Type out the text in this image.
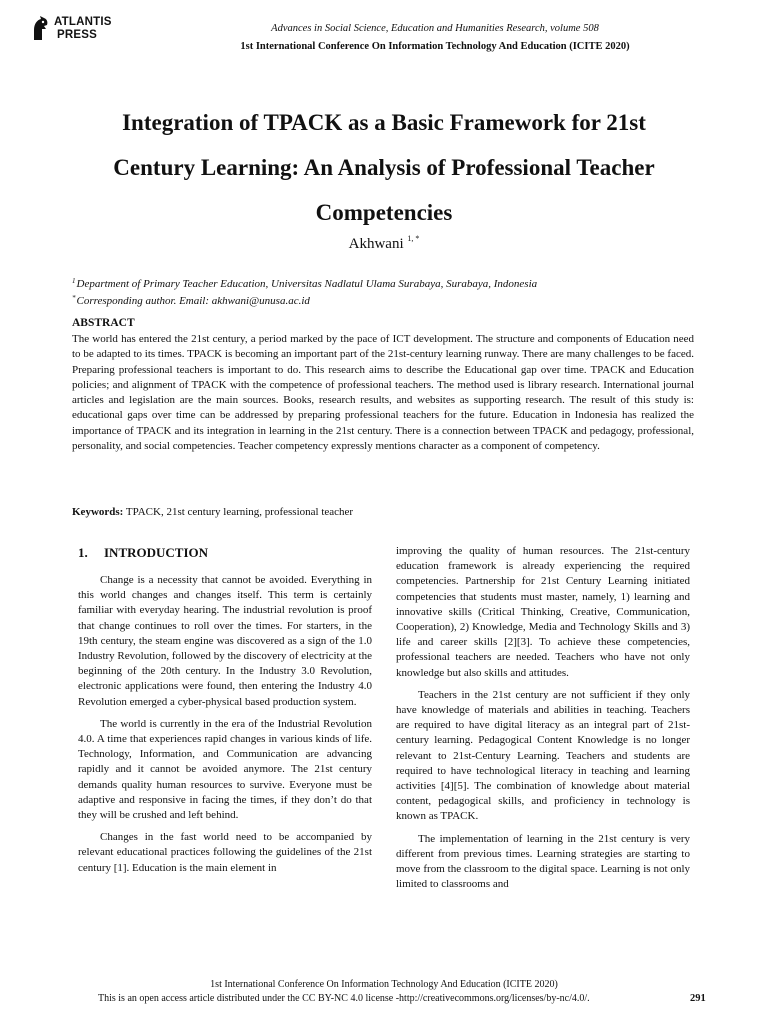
ATLANTIS
PRESS
Advances in Social Science, Education and Humanities Research, volume 508
1st International Conference On Information Technology And Education (ICITE 2020)
Integration of TPACK as a Basic Framework for 21st
Century Learning: An Analysis of Professional Teacher
Competencies
Akhwani $^{1, *}$
$^1$Department of Primary Teacher Education, Universitas Nadlatul Ulama Surabaya, Surabaya, Indonesia
*Corresponding author. Email: akhwani@unusa.ac.id
ABSTRACT
The world has entered the 21st century, a period marked by the pace of ICT development. The structure and components of Education need to be adapted to its times. TPACK is becoming an important part of the 21st-century learning runway. There are many challenges to be faced. Preparing professional teachers is important to do. This research aims to describe the Educational gap over time. TPACK and Education policies; and alignment of TPACK with the competence of professional teachers. The method used is library research. International journal articles and legislation are the main sources. Books, research results, and websites as supporting research. The result of this study is: educational gaps over time can be addressed by preparing professional teachers for the future. Education in Indonesia has realized the importance of TPACK and its integration in learning in the 21st century. There is a connection between TPACK and pedagogy, professional, personality, and social competencies. Teacher competency expressly mentions character as a component of competency.
Keywords: TPACK, 21st century learning, professional teacher
1. INTRODUCTION

Change is a necessity that cannot be avoided. Everything in this world changes and changes itself. This term is certainly familiar with everyday hearing. The industrial revolution is proof that change continues to roll over the times. For starters, in the 19th century, the steam engine was discovered as a sign of the 1.0 Industry Revolution, followed by the discovery of electricity at the beginning of the 20th century. In the Industry 3.0 Revolution, electronic applications were found, then entering the Industry 4.0 Revolution emerged a cyber-physical based production system.

The world is currently in the era of the Industrial Revolution 4.0. A time that experiences rapid changes in various kinds of life. Technology, Information, and Communication are advancing rapidly and it cannot be avoided anymore. The 21st century demands quality human resources to survive. Everyone must be adaptive and responsive in facing the times, if they don’t do that they will be crushed and left behind.

Changes in the fast world need to be accompanied by relevant educational practices following the guidelines of the 21st century [1]. Education is the main element in

improving the quality of human resources. The 21st-century education framework is already experiencing the required competencies. Partnership for 21st Century Learning initiated competencies that students must master, namely, 1) learning and innovative skills (Critical Thinking, Creative, Communication, Cooperation), 2) Knowledge, Media and Technology Skills and 3) life and career skills [2][3]. To achieve these competencies, professional teachers are needed. Teachers who have not only knowledge but also skills and attitudes.

Teachers in the 21st century are not sufficient if they only have knowledge of materials and abilities in teaching. Teachers are required to have digital literacy as an integral part of 21st-century learning. Pedagogical Content Knowledge is no longer relevant to 21st-Century Learning. Teachers and students are required to have technological literacy in teaching and learning activities [4][5]. The combination of knowledge about material content, pedagogical skills, and proficiency in technology is known as TPACK.

The implementation of learning in the 21st century is very different from previous times. Learning strategies are starting to move from the classroom to the digital space. Learning is not only limited to classrooms and

1st International Conference On Information Technology And Education (ICITE 2020)
This is an open access article distributed under the CC BY-NC 4.0 license -http://creativecommons.org/licenses/by-nc/4.0/.	291
